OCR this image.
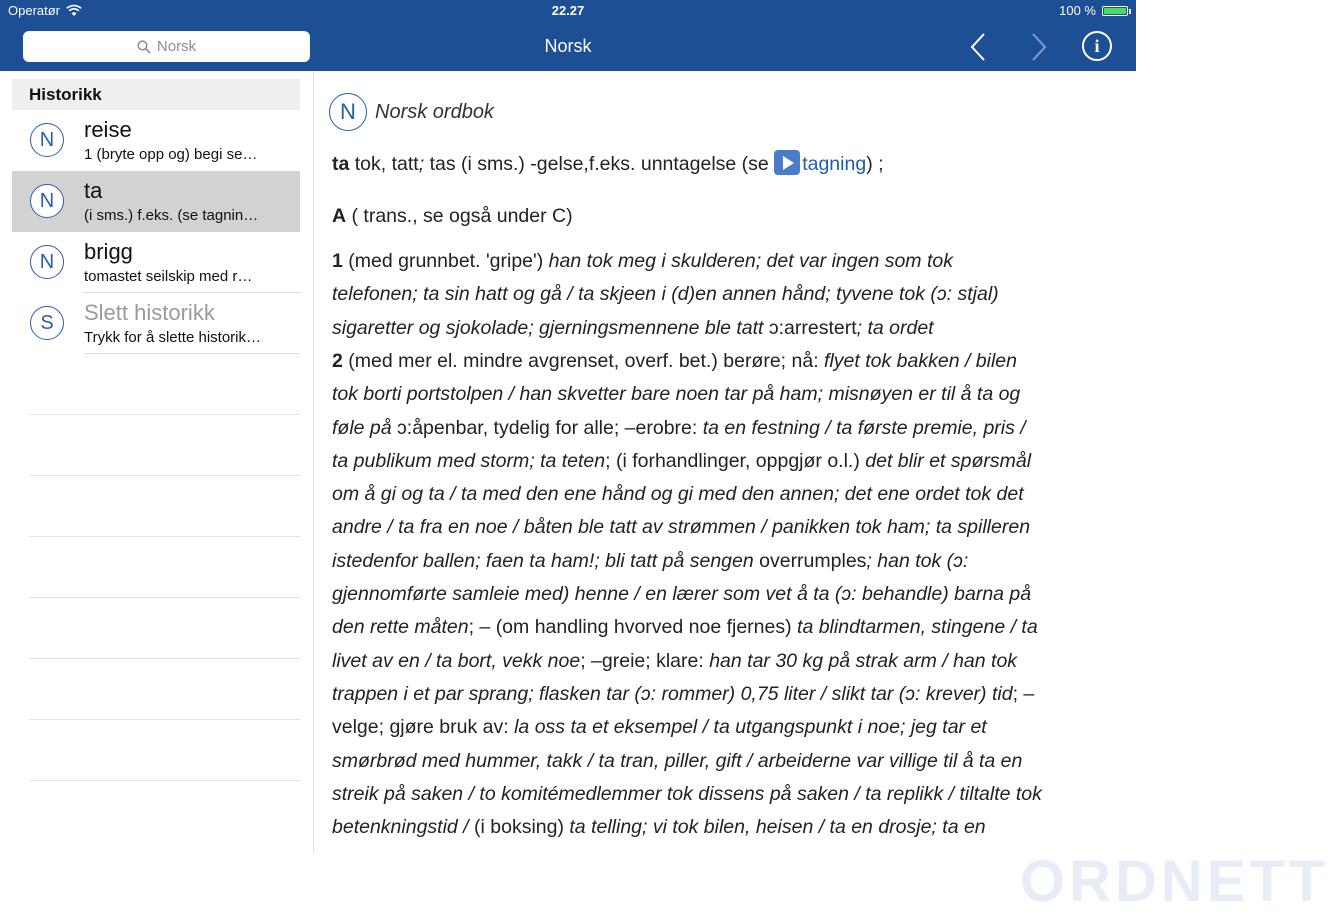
Operatør	22.27	100 %
Norsk	Norsk	i
Historikk
N	reise
1 (bryte opp og) begi se…
N	ta
(i sms.) f.eks. (se tagnin…
N	brigg
tomastet seilskip med r…
S	Slett historikk
Trykk for å slette historik…
N Norsk ordbok
ta tok, tatt; tas (i sms.) -gelse,f.eks. unntagelse (se tagning) ;
A ( trans., se også under C)
1 (med grunnbet. 'gripe') han tok meg i skulderen; det var ingen som tok
telefonen; ta sin hatt og gå / ta skjeen i (d)en annen hånd; tyvene tok (ɔ: stjal)
sigaretter og sjokolade; gjerningsmennene ble tatt ɔ:arrestert; ta ordet
2 (med mer el. mindre avgrenset, overf. bet.) berøre; nå: flyet tok bakken / bilen
tok borti portstolpen / han skvetter bare noen tar på ham; misnøyen er til å ta og
føle på ɔ:åpenbar, tydelig for alle; –erobre: ta en festning / ta første premie, pris /
ta publikum med storm; ta teten; (i forhandlinger, oppgjør o.l.) det blir et spørsmål
om å gi og ta / ta med den ene hånd og gi med den annen; det ene ordet tok det
andre / ta fra en noe / båten ble tatt av strømmen / panikken tok ham; ta spilleren
istedenfor ballen; faen ta ham!; bli tatt på sengen overrumples; han tok (ɔ:
gjennomførte samleie med) henne / en lærer som vet å ta (ɔ: behandle) barna på
den rette måten; – (om handling hvorved noe fjernes) ta blindtarmen, stingene / ta
livet av en / ta bort, vekk noe; –greie; klare: han tar 30 kg på strak arm / han tok
trappen i et par sprang; flasken tar (ɔ: rommer) 0,75 liter / slikt tar (ɔ: krever) tid; –
velge; gjøre bruk av: la oss ta et eksempel / ta utgangspunkt i noe; jeg tar et
smørbrød med hummer, takk / ta tran, piller, gift / arbeiderne var villige til å ta en
streik på saken / to komitémedlemmer tok dissens på saken / ta replikk / tiltalte tok
betenkningstid / (i boksing) ta telling; vi tok bilen, heisen / ta en drosje; ta en
ORDNETT
